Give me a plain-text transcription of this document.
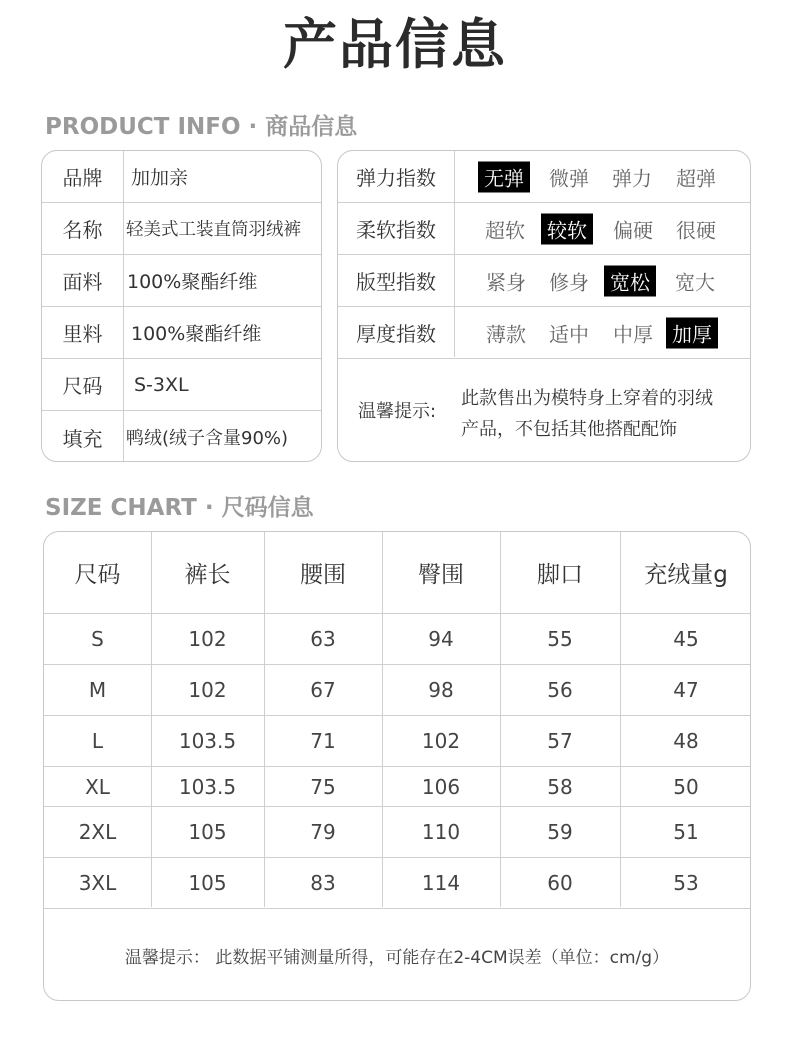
产品信息
PRODUCT INFO · 商品信息
品牌	加加亲
名称	轻美式工装直筒羽绒裤
面料	100%聚酯纤维
里料	100%聚酯纤维
尺码	S-3XL
填充	鸭绒(绒子含量90%)
弹力指数	无弹	微弹	弹力	超弹
柔软指数	超软	较软	偏硬	很硬
版型指数	紧身	修身	宽松	宽大
厚度指数	薄款	适中	中厚 加厚
温馨提示:
此款售出为模特身上穿着的羽绒
产品，不包括其他搭配配饰
SIZE CHART · 尺码信息
尺码	裤长	腰围	臀围	脚口	充绒量g
S	102	63	94	55	45
M	102	67	98	56	47
L	103.5	71	102	57	48
XL	103.5	75	106	58	50
2XL	105	79	110	59	51
3XL	105	83	114	60	53
温馨提示： 此数据平铺测量所得，可能存在2-4CM误差（单位：cm/g）
